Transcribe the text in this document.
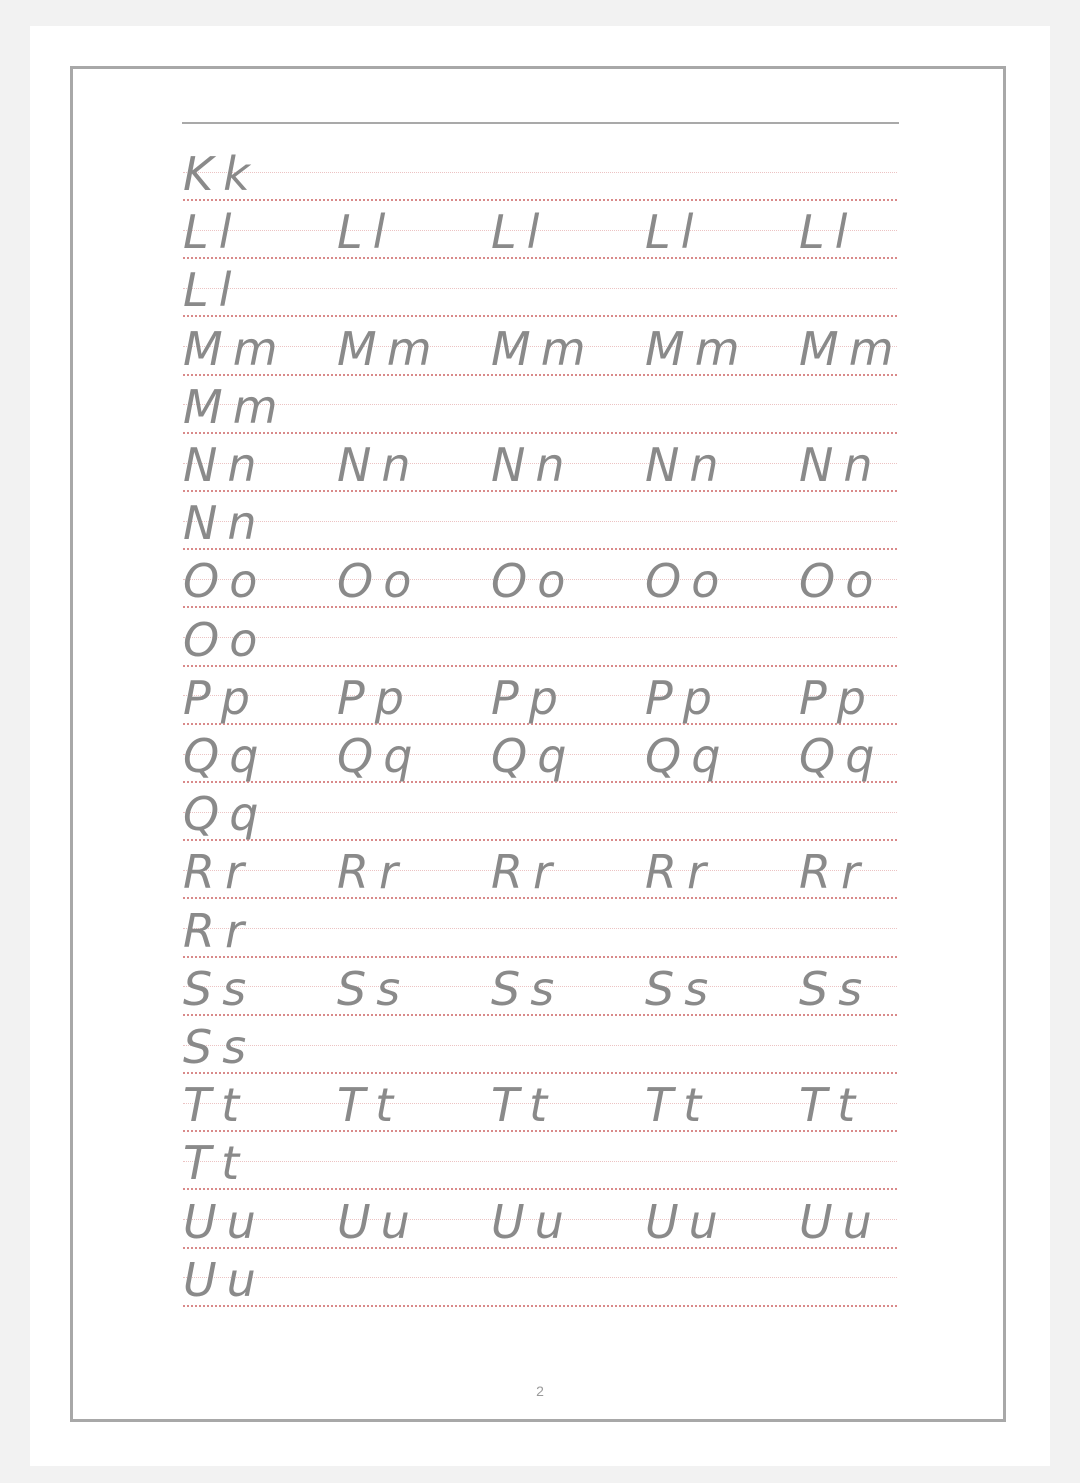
Kk
Ll Ll Ll Ll Ll
Ll
Mm Mm Mm Mm Mm
Mm
Nn Nn Nn Nn Nn
Nn
Oo Oo Oo Oo Oo
Oo
Pp Pp Pp Pp Pp
Qq Qq Qq Qq Qq
Qq
Rr Rr Rr Rr Rr
Rr
Ss Ss Ss Ss Ss
Ss
Tt Tt Tt Tt Tt
Tt
Uu Uu Uu Uu Uu
Uu
2
